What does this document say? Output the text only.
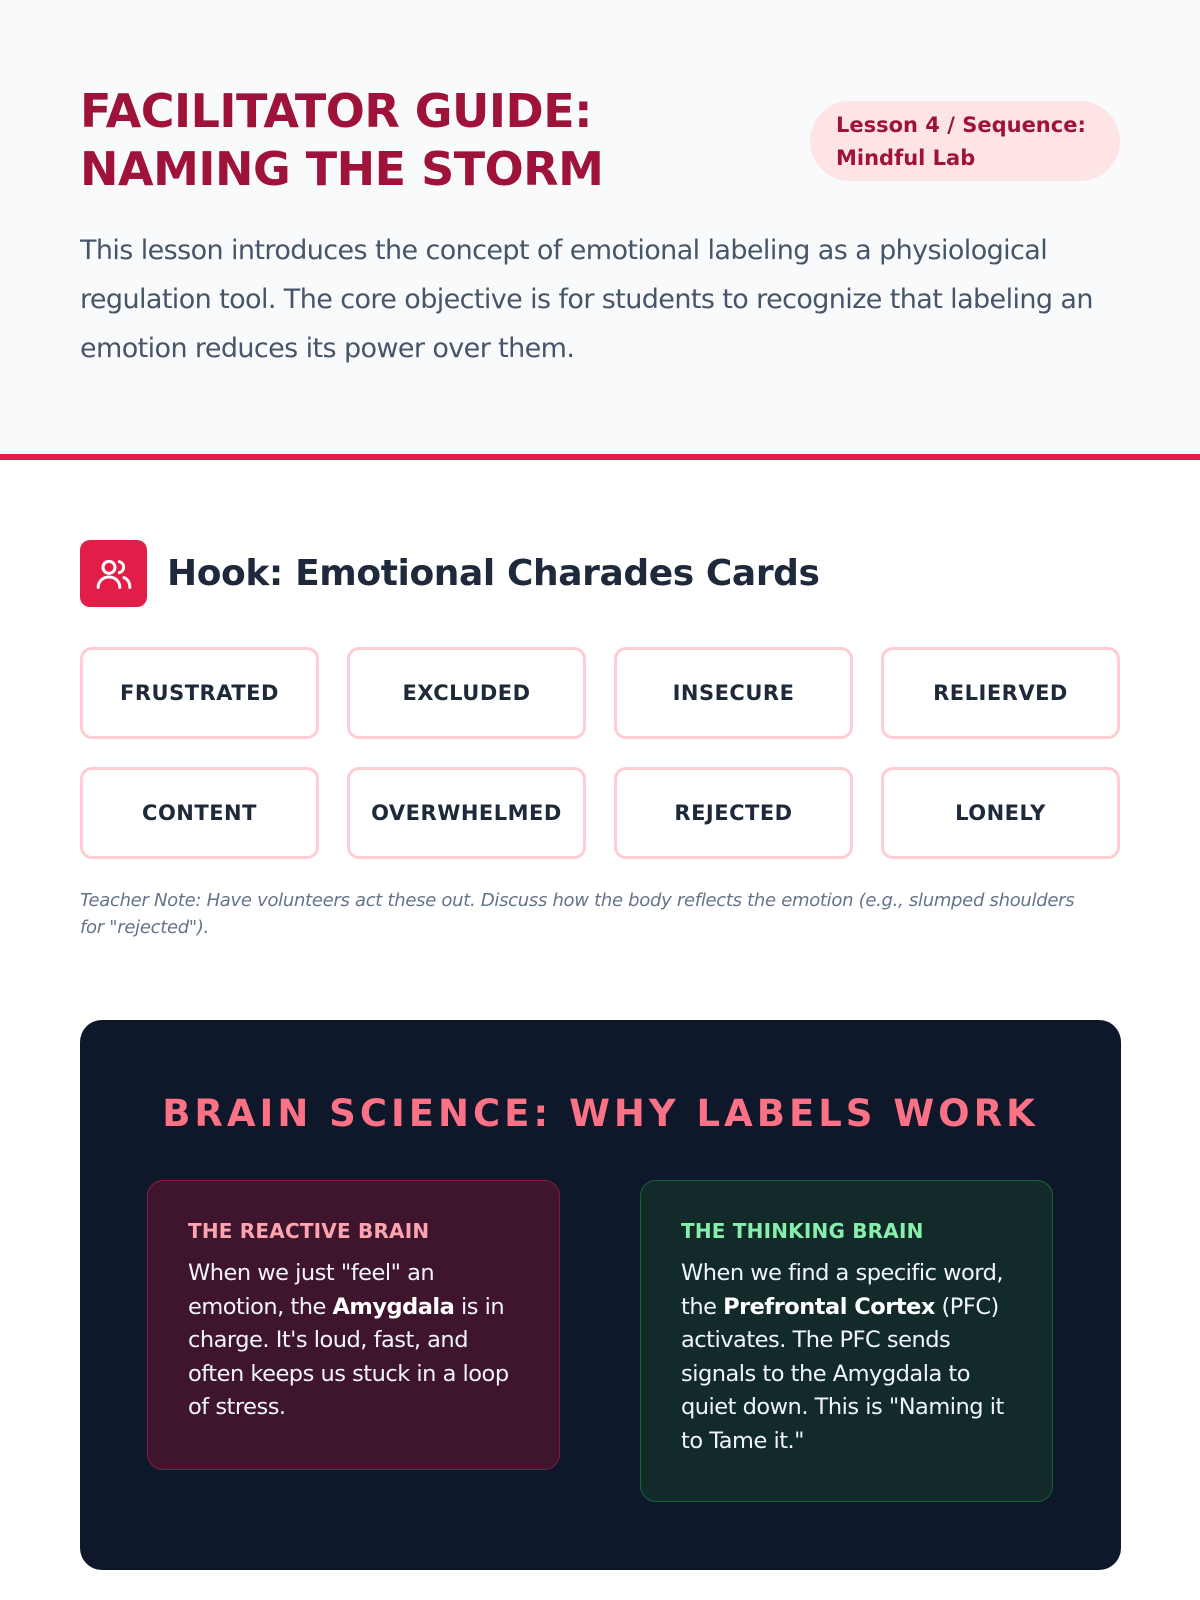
FACILITATOR GUIDE:
NAMING THE STORM
Lesson 4 / Sequence:
Mindful Lab

This lesson introduces the concept of emotional labeling as a physiological regulation tool. The core objective is for students to recognize that labeling an emotion reduces its power over them.

Hook: Emotional Charades Cards
FRUSTRATED	EXCLUDED	INSECURE	RELIERVED
CONTENT	OVERWHELMED	REJECTED	LONELY

Teacher Note: Have volunteers act these out. Discuss how the body reflects the emotion (e.g., slumped shoulders for "rejected").

BRAIN SCIENCE: WHY LABELS WORK
THE REACTIVE BRAIN

When we just "feel" an emotion, the Amygdala is in charge. It's loud, fast, and often keeps us stuck in a loop of stress.

THE THINKING BRAIN

When we find a specific word, the Prefrontal Cortex (PFC) activates. The PFC sends signals to the Amygdala to quiet down. This is "Naming it to Tame it."
